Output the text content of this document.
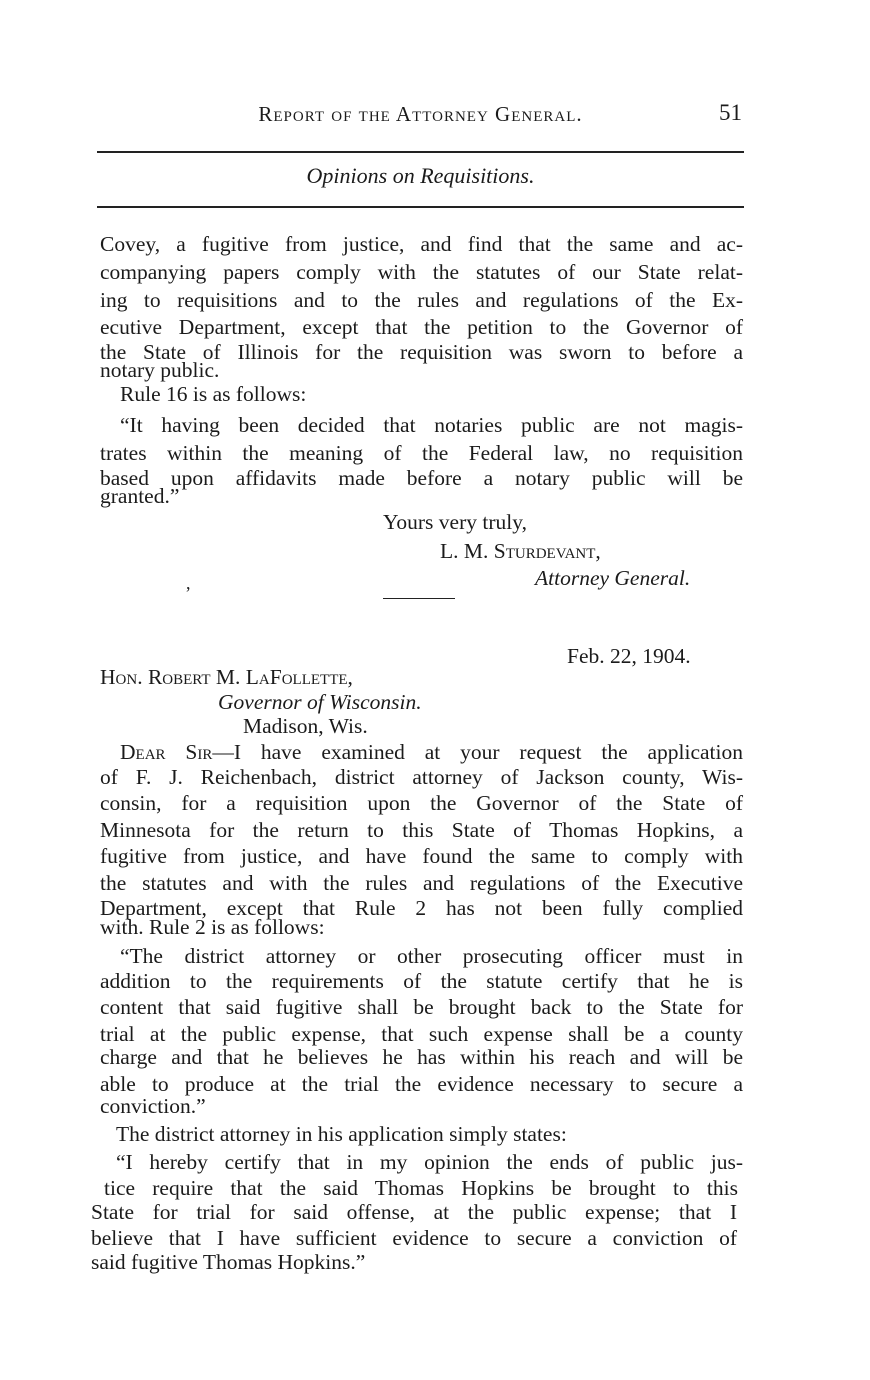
Report of the Attorney General.	51
Opinions on Requisitions.
Covey, a fugitive from justice, and find that the same and ac-
companying papers comply with the statutes of our State relat-
ing to requisitions and to the rules and regulations of the Ex-
ecutive Department, except that the petition to the Governor of
the State of Illinois for the requisition was sworn to before a
notary public.
Rule 16 is as follows:
“It having been decided that notaries public are not magis-
trates within the meaning of the Federal law, no requisition
based upon affidavits made before a notary public will be
granted.”
Yours very truly,
L. M. Sturdevant,
Attorney General.
,
Feb. 22, 1904.
Hon. Robert M. LaFollette,
Governor of Wisconsin.
Madison, Wis.
Dear Sir—I have examined at your request the application
of F. J. Reichenbach, district attorney of Jackson county, Wis-
consin, for a requisition upon the Governor of the State of
Minnesota for the return to this State of Thomas Hopkins, a
fugitive from justice, and have found the same to comply with
the statutes and with the rules and regulations of the Executive
Department, except that Rule 2 has not been fully complied
with. Rule 2 is as follows:
“The district attorney or other prosecuting officer must in
addition to the requirements of the statute certify that he is
content that said fugitive shall be brought back to the State for
trial at the public expense, that such expense shall be a county
charge and that he believes he has within his reach and will be
able to produce at the trial the evidence necessary to secure a
conviction.”
The district attorney in his application simply states:
“I hereby certify that in my opinion the ends of public jus-
tice require that the said Thomas Hopkins be brought to this
State for trial for said offense, at the public expense; that I
believe that I have sufficient evidence to secure a conviction of
said fugitive Thomas Hopkins.”
